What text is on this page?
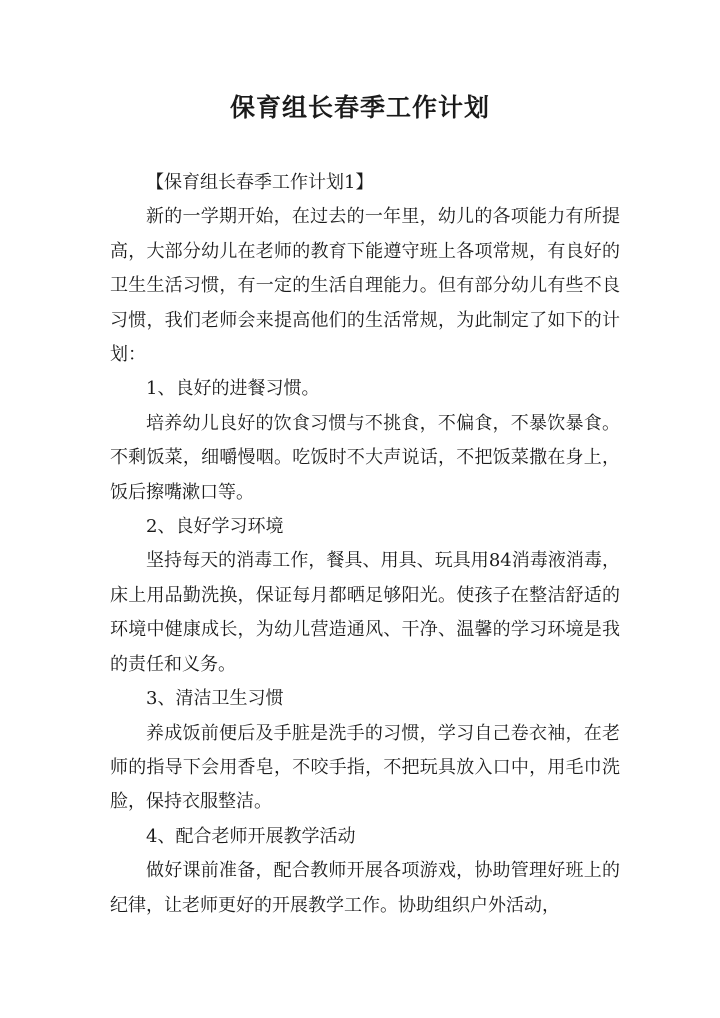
保育组长春季工作计划

【保育组长春季工作计划1】

新的一学期开始，在过去的一年里，幼儿的各项能力有所提高，大部分幼儿在老师的教育下能遵守班上各项常规，有良好的卫生生活习惯，有一定的生活自理能力。但有部分幼儿有些不良习惯，我们老师会来提高他们的生活常规，为此制定了如下的计划：

1、良好的进餐习惯。

培养幼儿良好的饮食习惯与不挑食，不偏食，不暴饮暴食。不剩饭菜，细嚼慢咽。吃饭时不大声说话，不把饭菜撒在身上，饭后擦嘴漱口等。

2、良好学习环境

坚持每天的消毒工作，餐具、用具、玩具用84消毒液消毒，床上用品勤洗换，保证每月都晒足够阳光。使孩子在整洁舒适的环境中健康成长，为幼儿营造通风、干净、温馨的学习环境是我的责任和义务。

3、清洁卫生习惯

养成饭前便后及手脏是洗手的习惯，学习自己卷衣袖，在老师的指导下会用香皂，不咬手指，不把玩具放入口中，用毛巾洗脸，保持衣服整洁。

4、配合老师开展教学活动

做好课前准备，配合教师开展各项游戏，协助管理好班上的纪律，让老师更好的开展教学工作。协助组织户外活动，
